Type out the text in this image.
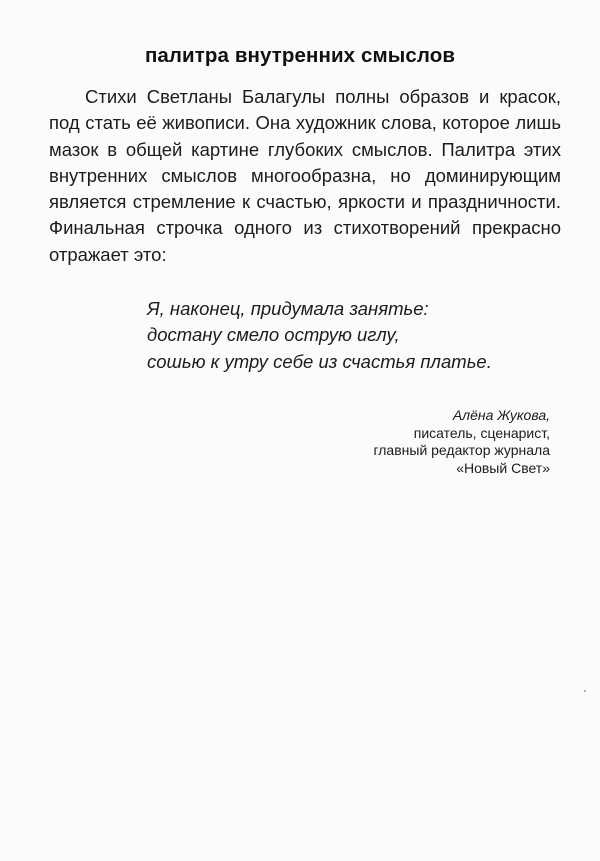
палитра внутренних смыслов
Стихи Светланы Балагулы полны образов и красок,
под стать её живописи. Она художник слова, которое лишь
мазок в общей картине глубоких смыслов. Палитра этих
внутренних смыслов многообразна, но доминирующим
является стремление к счастью, яркости и праздничности.
Финальная строчка одного из стихотворений прекрасно
отражает это:
Я, наконец, придумала занятье:
достану смело острую иглу,
сошью к утру себе из счастья платье.
Алёна Жукова,
писатель, сценарист,
главный редактор журнала
«Новый Свет»
